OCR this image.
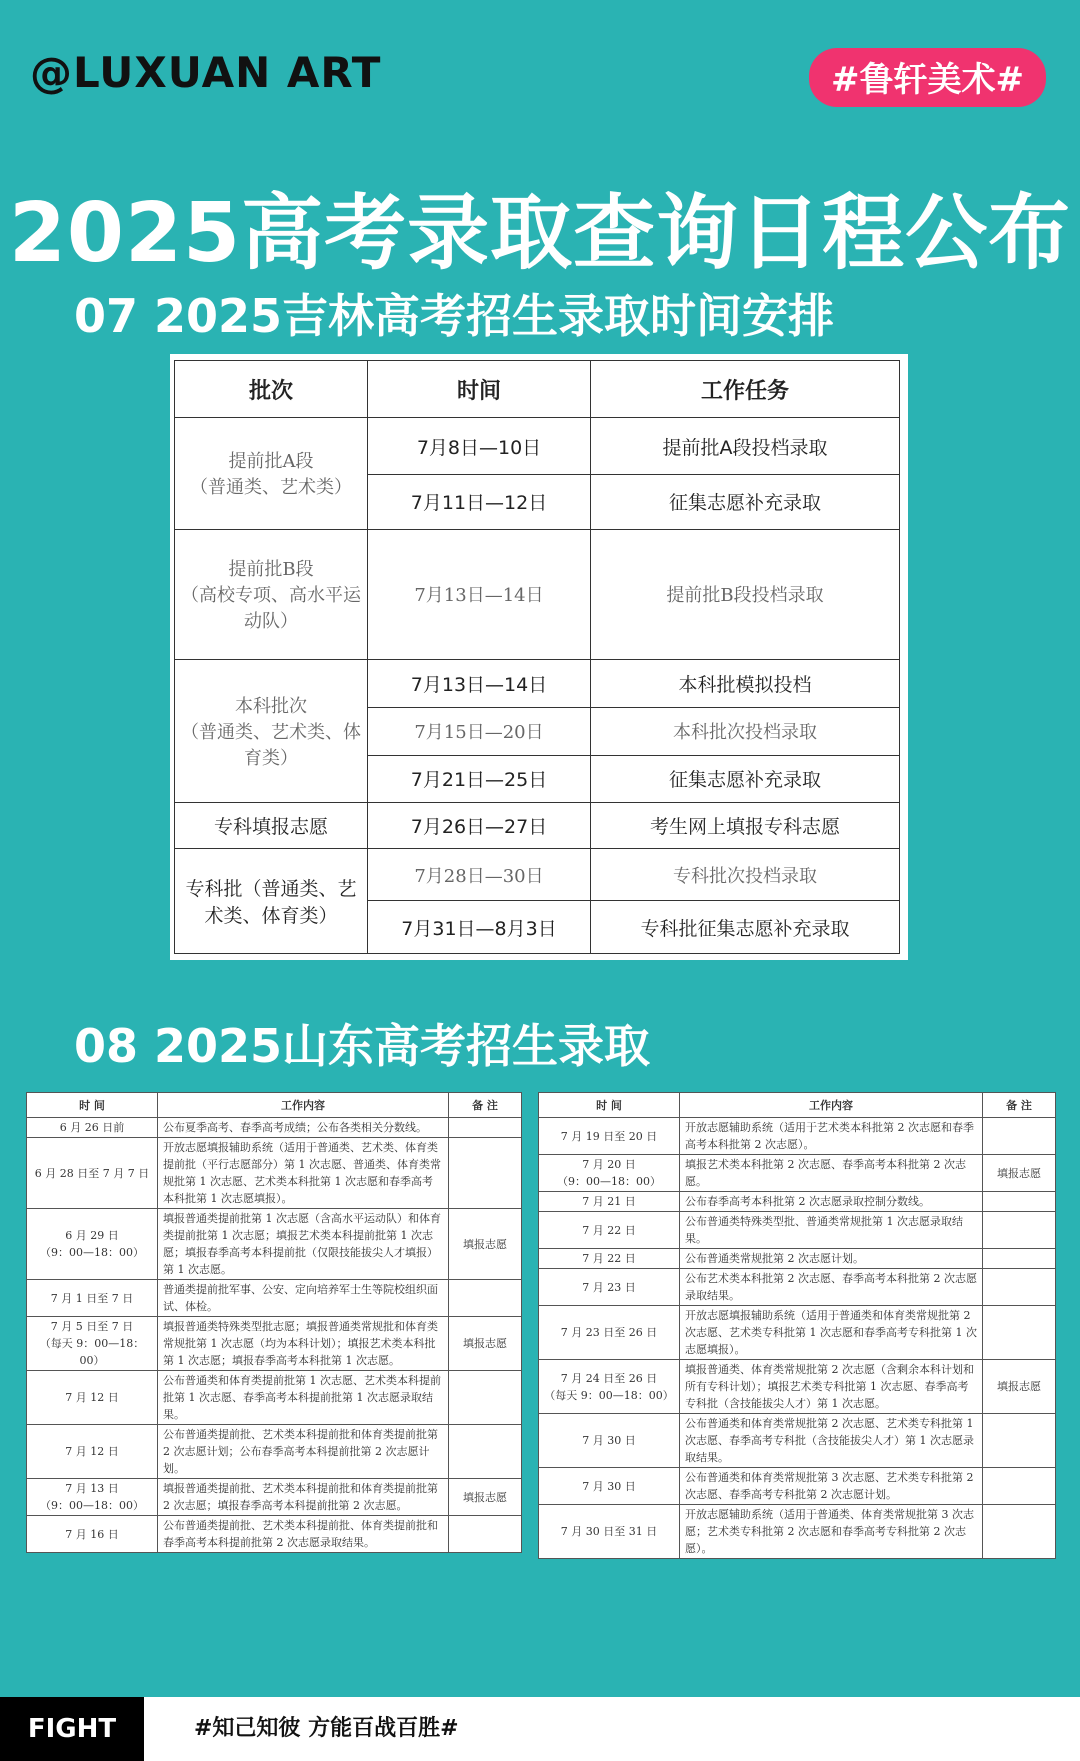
@LUXUAN ART	#鲁轩美术#
2025高考录取查询日程公布
07 2025吉林高考招生录取时间安排
批次	时间	工作任务
提前批A段
（普通类、艺术类）	7月8日—10日	提前批A段投档录取
	7月11日—12日	征集志愿补充录取
提前批B段
（高校专项、高水平运动队）	7月13日—14日	提前批B段投档录取
本科批次
（普通类、艺术类、体育类）	7月13日—14日	本科批模拟投档
	7月15日—20日	本科批次投档录取
	7月21日—25日	征集志愿补充录取
专科填报志愿	7月26日—27日	考生网上填报专科志愿
专科批（普通类、艺术类、体育类）	7月28日—30日	专科批次投档录取
	7月31日—8月3日	专科批征集志愿补充录取
08 2025山东高考招生录取
时 间	工作内容	备 注
6 月 26 日前	公布夏季高考、春季高考成绩；公布各类相关分数线。	
6 月 28 日至 7 月 7 日	开放志愿填报辅助系统（适用于普通类、艺术类、体育类提前批（平行志愿部分）第 1 次志愿、普通类、体育类常规批第 1 次志愿、艺术类本科批第 1 次志愿和春季高考本科批第 1 次志愿填报）。	
6 月 29 日
（9：00—18：00）	填报普通类提前批第 1 次志愿（含高水平运动队）和体育类提前批第 1 次志愿；填报艺术类本科提前批第 1 次志愿；填报春季高考本科提前批（仅限技能拔尖人才填报）第 1 次志愿。	填报志愿
7 月 1 日至 7 日	普通类提前批军事、公安、定向培养军士生等院校组织面试、体检。	
7 月 5 日至 7 日
（每天 9：00—18：00）	填报普通类特殊类型批志愿；填报普通类常规批和体育类常规批第 1 次志愿（均为本科计划）；填报艺术类本科批第 1 次志愿；填报春季高考本科批第 1 次志愿。	填报志愿
7 月 12 日	公布普通类和体育类提前批第 1 次志愿、艺术类本科提前批第 1 次志愿、春季高考本科提前批第 1 次志愿录取结果。	
7 月 12 日	公布普通类提前批、艺术类本科提前批和体育类提前批第 2 次志愿计划；公布春季高考本科提前批第 2 次志愿计划。	
7 月 13 日
（9：00—18：00）	填报普通类提前批、艺术类本科提前批和体育类提前批第 2 次志愿；填报春季高考本科提前批第 2 次志愿。	填报志愿
7 月 16 日	公布普通类提前批、艺术类本科提前批、体育类提前批和春季高考本科提前批第 2 次志愿录取结果。	
时 间	工作内容	备 注
7 月 19 日至 20 日	开放志愿辅助系统（适用于艺术类本科批第 2 次志愿和春季高考本科批第 2 次志愿）。	
7 月 20 日
（9：00—18：00）	填报艺术类本科批第 2 次志愿、春季高考本科批第 2 次志愿。	填报志愿
7 月 21 日	公布春季高考本科批第 2 次志愿录取控制分数线。	
7 月 22 日	公布普通类特殊类型批、普通类常规批第 1 次志愿录取结果。	
7 月 22 日	公布普通类常规批第 2 次志愿计划。	
7 月 23 日	公布艺术类本科批第 2 次志愿、春季高考本科批第 2 次志愿录取结果。	
7 月 23 日至 26 日	开放志愿填报辅助系统（适用于普通类和体育类常规批第 2 次志愿、艺术类专科批第 1 次志愿和春季高考专科批第 1 次志愿填报）。	
7 月 24 日至 26 日
（每天 9：00—18：00）	填报普通类、体育类常规批第 2 次志愿（含剩余本科计划和所有专科计划）；填报艺术类专科批第 1 次志愿、春季高考专科批（含技能拔尖人才）第 1 次志愿。	填报志愿
7 月 30 日	公布普通类和体育类常规批第 2 次志愿、艺术类专科批第 1 次志愿、春季高考专科批（含技能拔尖人才）第 1 次志愿录取结果。	
7 月 30 日	公布普通类和体育类常规批第 3 次志愿、艺术类专科批第 2 次志愿、春季高考专科批第 2 次志愿计划。	
7 月 30 日至 31 日	开放志愿辅助系统（适用于普通类、体育类常规批第 3 次志愿；艺术类专科批第 2 次志愿和春季高考专科批第 2 次志愿）。	
FIGHT	#知己知彼 方能百战百胜#
